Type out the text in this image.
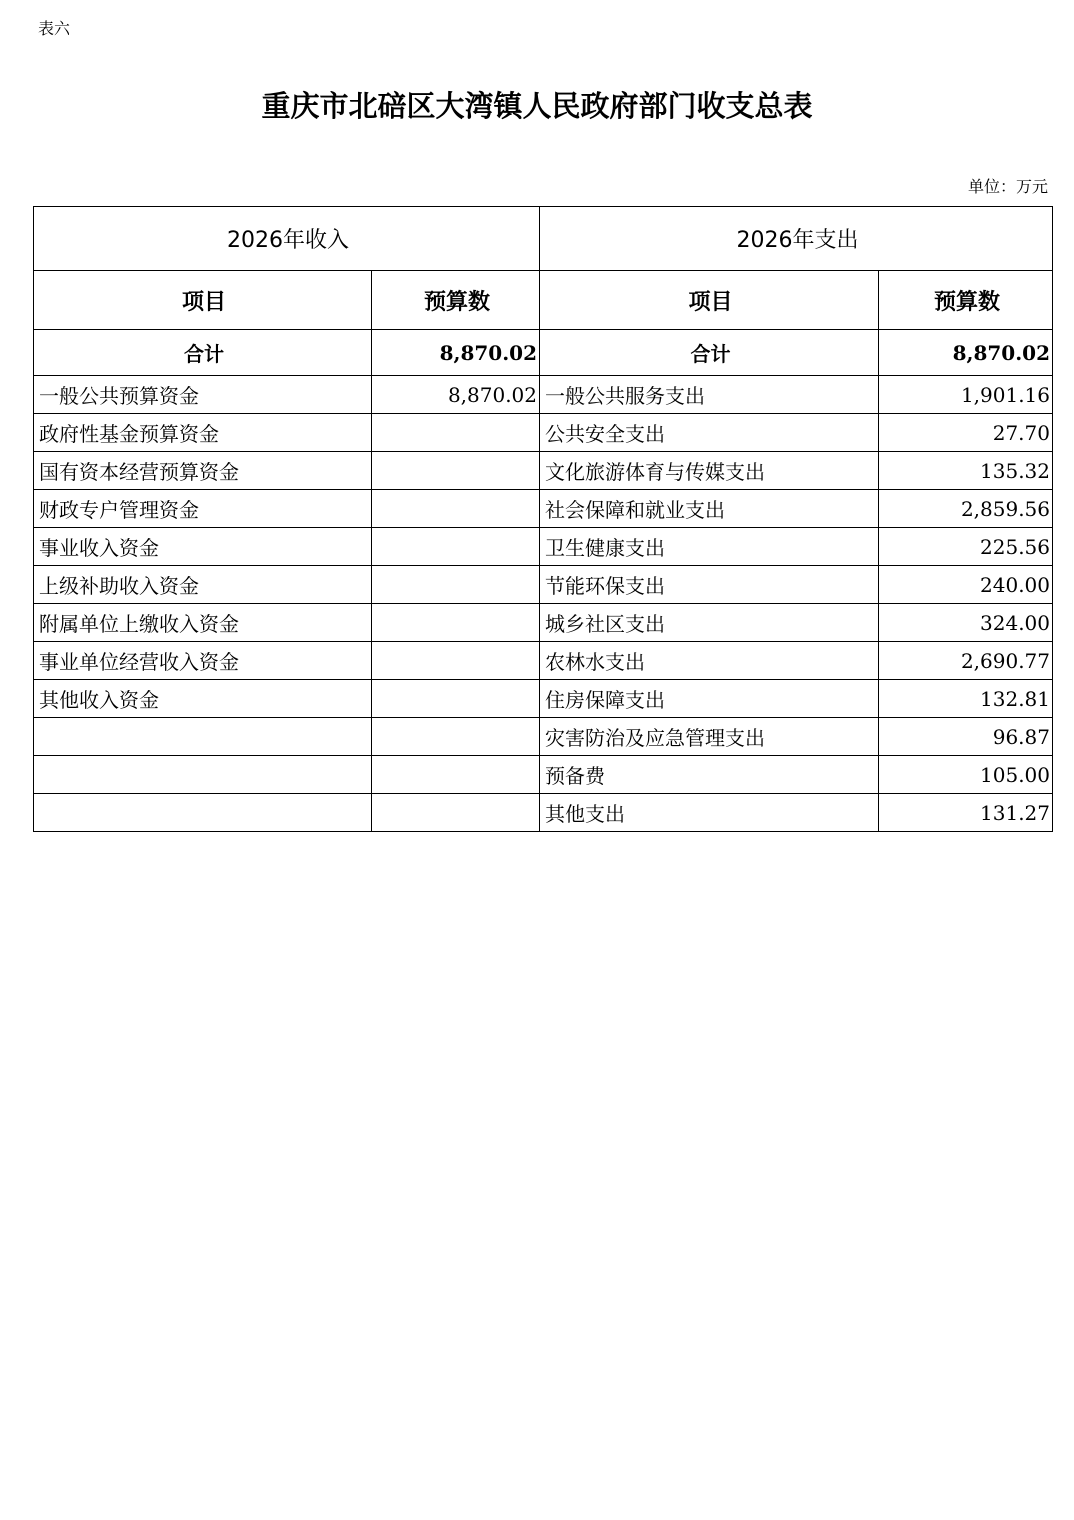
表六
重庆市北碚区大湾镇人民政府部门收支总表
单位：万元
2026年收入		2026年支出	
项目	预算数	项目	预算数
合计	8,870.02	合计	8,870.02
一般公共预算资金	8,870.02	一般公共服务支出	1,901.16
政府性基金预算资金		公共安全支出	27.70
国有资本经营预算资金		文化旅游体育与传媒支出	135.32
财政专户管理资金		社会保障和就业支出	2,859.56
事业收入资金		卫生健康支出	225.56
上级补助收入资金		节能环保支出	240.00
附属单位上缴收入资金		城乡社区支出	324.00
事业单位经营收入资金		农林水支出	2,690.77
其他收入资金		住房保障支出	132.81
		灾害防治及应急管理支出	96.87
		预备费	105.00
		其他支出	131.27
